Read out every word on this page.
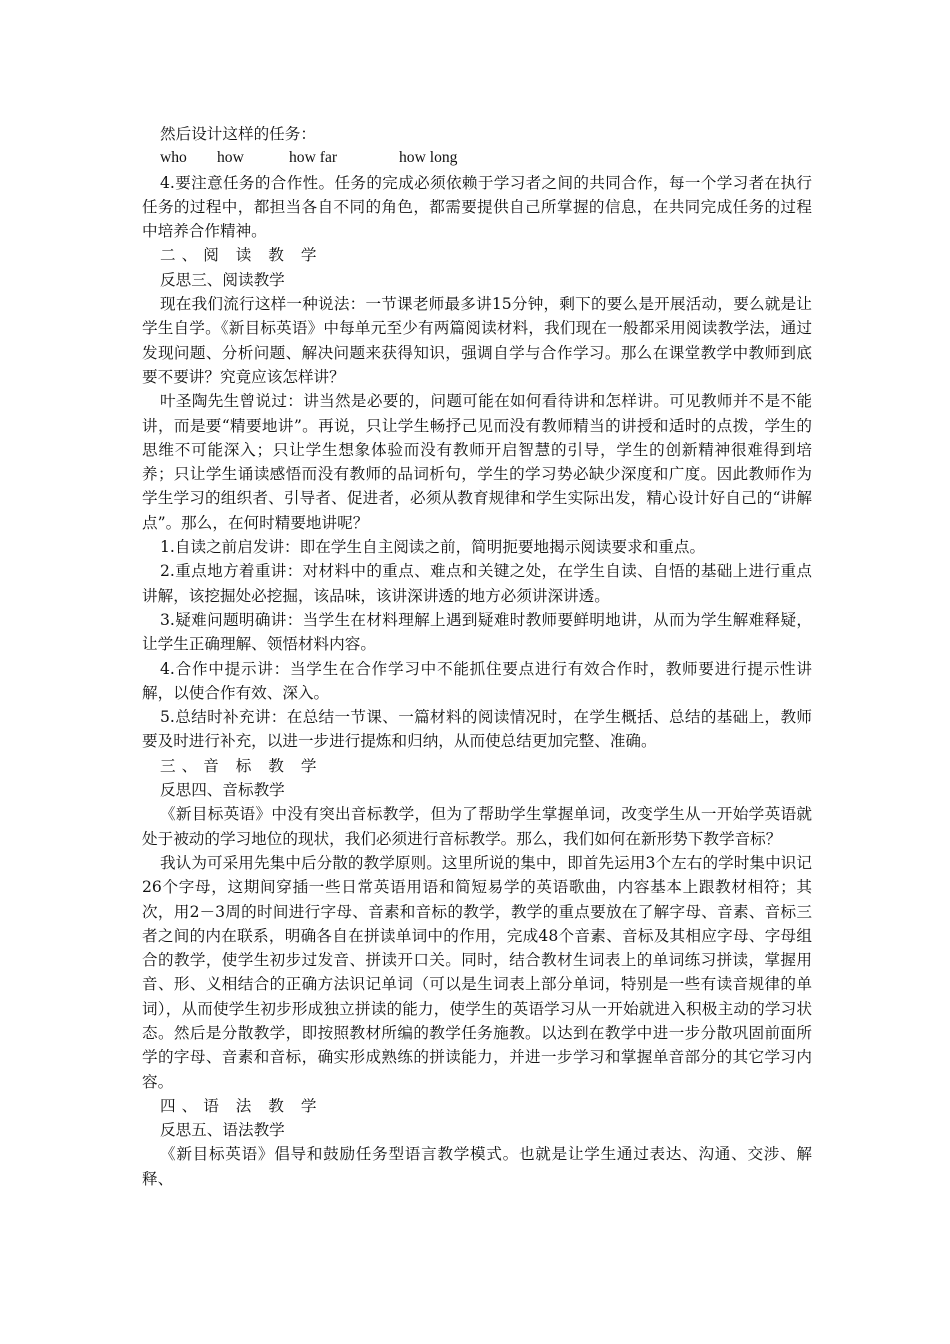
然后设计这样的任务：

who how	how far	how long

4.要注意任务的合作性。任务的完成必须依赖于学习者之间的共同合作，每一个学习者在执行任务的过程中，都担当各自不同的角色，都需要提供自己所掌握的信息，在共同完成任务的过程中培养合作精神。

二、阅 读 教 学

反思三、阅读教学

现在我们流行这样一种说法：一节课老师最多讲15分钟，剩下的要么是开展活动，要么就是让学生自学。《新目标英语》中每单元至少有两篇阅读材料，我们现在一般都采用阅读教学法，通过发现问题、分析问题、解决问题来获得知识，强调自学与合作学习。那么在课堂教学中教师到底要不要讲？究竟应该怎样讲？

叶圣陶先生曾说过：讲当然是必要的，问题可能在如何看待讲和怎样讲。可见教师并不是不能讲，而是要“精要地讲”。再说，只让学生畅抒己见而没有教师精当的讲授和适时的点拨，学生的思维不可能深入；只让学生想象体验而没有教师开启智慧的引导，学生的创新精神很难得到培养；只让学生诵读感悟而没有教师的品词析句，学生的学习势必缺少深度和广度。因此教师作为学生学习的组织者、引导者、促进者，必须从教育规律和学生实际出发，精心设计好自己的“讲解点”。那么，在何时精要地讲呢？

1.自读之前启发讲：即在学生自主阅读之前，简明扼要地揭示阅读要求和重点。

2.重点地方着重讲：对材料中的重点、难点和关键之处，在学生自读、自悟的基础上进行重点讲解，该挖掘处必挖掘，该品味，该讲深讲透的地方必须讲深讲透。

3.疑难问题明确讲：当学生在材料理解上遇到疑难时教师要鲜明地讲，从而为学生解难释疑，让学生正确理解、领悟材料内容。

4.合作中提示讲：当学生在合作学习中不能抓住要点进行有效合作时，教师要进行提示性讲解，以使合作有效、深入。

5.总结时补充讲：在总结一节课、一篇材料的阅读情况时，在学生概括、总结的基础上，教师要及时进行补充，以进一步进行提炼和归纳，从而使总结更加完整、准确。

三、音 标 教 学

反思四、音标教学

《新目标英语》中没有突出音标教学，但为了帮助学生掌握单词，改变学生从一开始学英语就处于被动的学习地位的现状，我们必须进行音标教学。那么，我们如何在新形势下教学音标？

我认为可采用先集中后分散的教学原则。这里所说的集中，即首先运用3个左右的学时集中识记26个字母，这期间穿插一些日常英语用语和简短易学的英语歌曲，内容基本上跟教材相符；其次，用2－3周的时间进行字母、音素和音标的教学，教学的重点要放在了解字母、音素、音标三者之间的内在联系，明确各自在拼读单词中的作用，完成48个音素、音标及其相应字母、字母组合的教学，使学生初步过发音、拼读开口关。同时，结合教材生词表上的单词练习拼读，掌握用音、形、义相结合的正确方法识记单词（可以是生词表上部分单词，特别是一些有读音规律的单词），从而使学生初步形成独立拼读的能力，使学生的英语学习从一开始就进入积极主动的学习状态。然后是分散教学，即按照教材所编的教学任务施教。以达到在教学中进一步分散巩固前面所学的字母、音素和音标，确实形成熟练的拼读能力，并进一步学习和掌握单音部分的其它学习内容。

四、语 法 教 学

反思五、语法教学

《新目标英语》倡导和鼓励任务型语言教学模式。也就是让学生通过表达、沟通、交涉、解释、
